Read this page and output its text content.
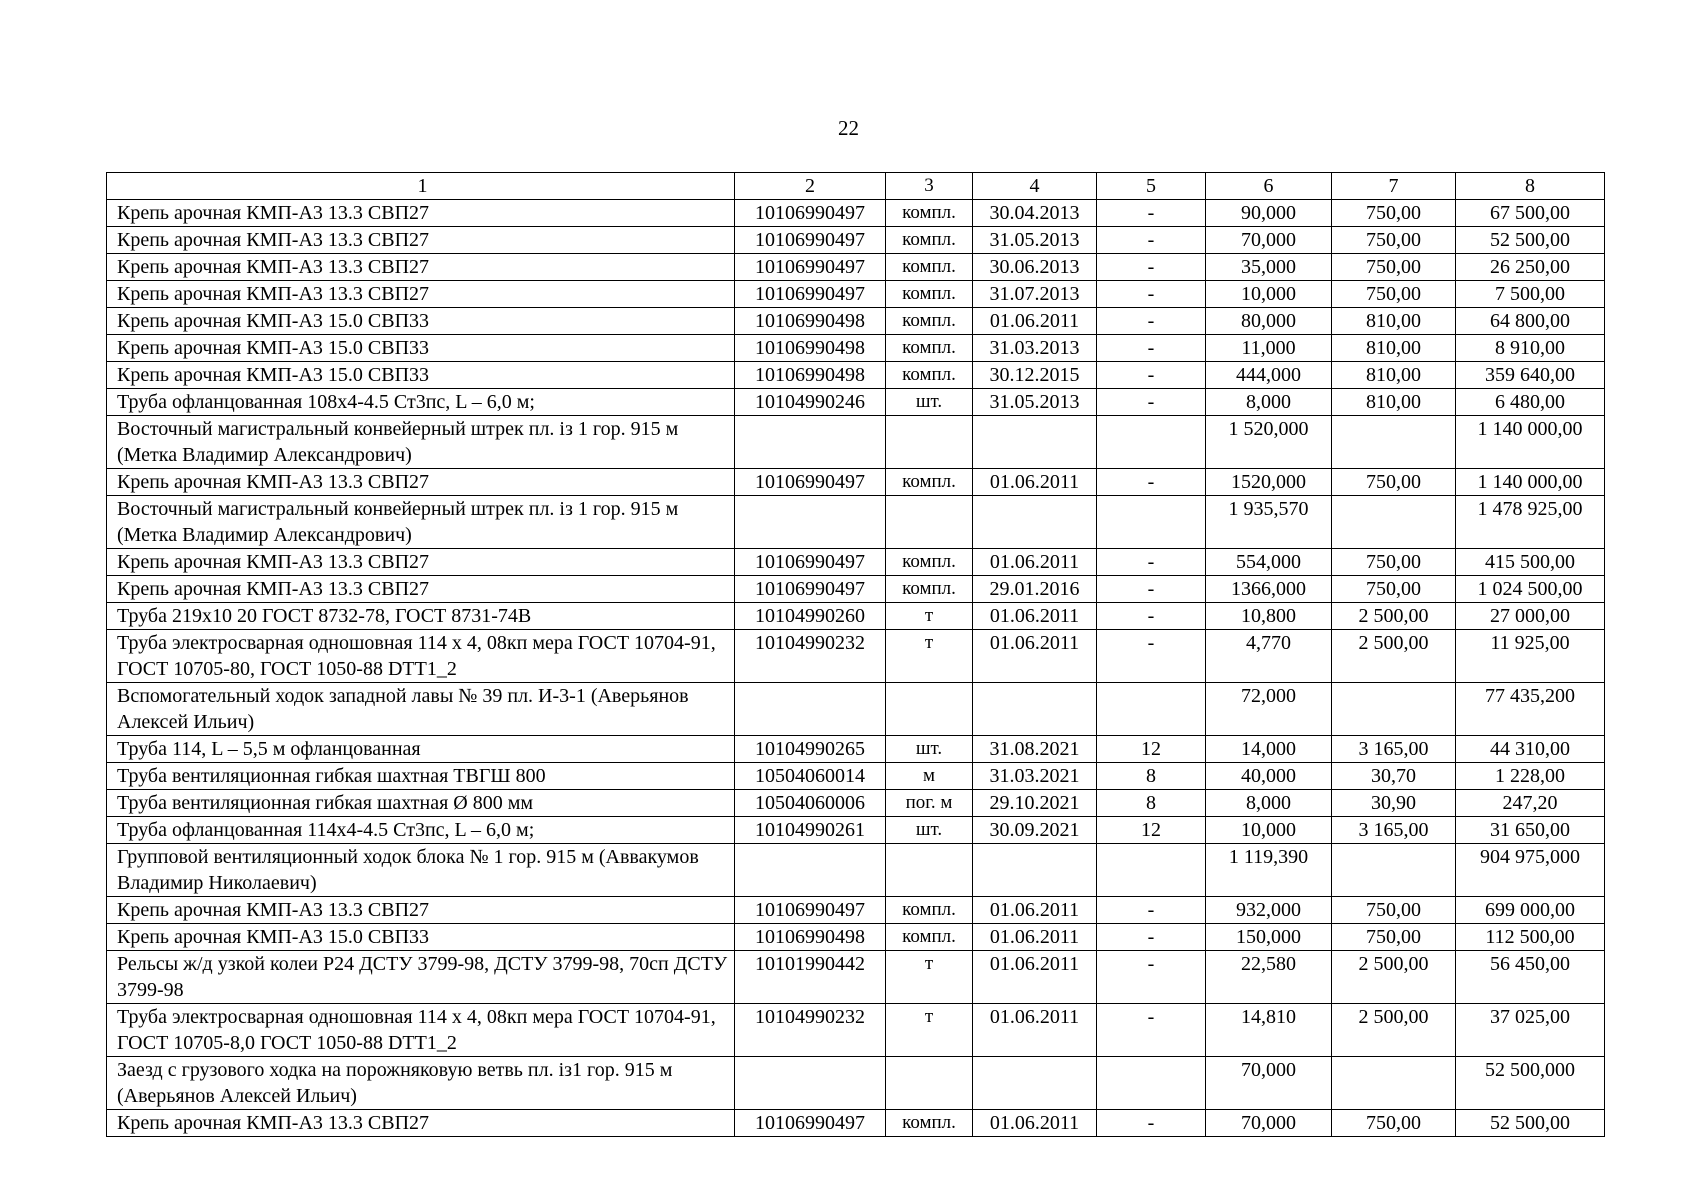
22
1	2	3	4	5	6	7	8
Крепь арочная КМП-А3 13.3 СВП27	10106990497	компл.	30.04.2013	-	90,000	750,00	67 500,00
Крепь арочная КМП-А3 13.3 СВП27	10106990497	компл.	31.05.2013	-	70,000	750,00	52 500,00
Крепь арочная КМП-А3 13.3 СВП27	10106990497	компл.	30.06.2013	-	35,000	750,00	26 250,00
Крепь арочная КМП-А3 13.3 СВП27	10106990497	компл.	31.07.2013	-	10,000	750,00	7 500,00
Крепь арочная КМП-А3 15.0 СВП33	10106990498	компл.	01.06.2011	-	80,000	810,00	64 800,00
Крепь арочная КМП-А3 15.0 СВП33	10106990498	компл.	31.03.2013	-	11,000	810,00	8 910,00
Крепь арочная КМП-А3 15.0 СВП33	10106990498	компл.	30.12.2015	-	444,000	810,00	359 640,00
Труба офланцованная 108х4-4.5 Ст3пс, L – 6,0 м;	10104990246	шт.	31.05.2013	-	8,000	810,00	6 480,00
Восточный магистральный конвейерный штрек пл. із 1 гор. 915 м (Метка Владимир Александрович)					1 520,000		1 140 000,00
Крепь арочная КМП-А3 13.3 СВП27	10106990497	компл.	01.06.2011	-	1520,000	750,00	1 140 000,00
Восточный магистральный конвейерный штрек пл. із 1 гор. 915 м (Метка Владимир Александрович)					1 935,570		1 478 925,00
Крепь арочная КМП-А3 13.3 СВП27	10106990497	компл.	01.06.2011	-	554,000	750,00	415 500,00
Крепь арочная КМП-А3 13.3 СВП27	10106990497	компл.	29.01.2016	-	1366,000	750,00	1 024 500,00
Труба 219х10 20 ГОСТ 8732-78, ГОСТ 8731-74В	10104990260	т	01.06.2011	-	10,800	2 500,00	27 000,00
Труба электросварная одношовная 114 х 4, 08кп мера ГОСТ 10704-91, ГОСТ 10705-80, ГОСТ 1050-88 DTT1_2	10104990232	т	01.06.2011	-	4,770	2 500,00	11 925,00
Вспомогательный ходок западной лавы № 39 пл. И-3-1 (Аверьянов Алексей Ильич)					72,000		77 435,200
Труба 114, L – 5,5 м офланцованная	10104990265	шт.	31.08.2021	12	14,000	3 165,00	44 310,00
Труба вентиляционная гибкая шахтная ТВГШ 800	10504060014	м	31.03.2021	8	40,000	30,70	1 228,00
Труба вентиляционная гибкая шахтная Ø 800 мм	10504060006	пог. м	29.10.2021	8	8,000	30,90	247,20
Труба офланцованная 114х4-4.5 Ст3пс, L – 6,0 м;	10104990261	шт.	30.09.2021	12	10,000	3 165,00	31 650,00
Групповой вентиляционный ходок блока № 1 гор. 915 м (Аввакумов Владимир Николаевич)					1 119,390		904 975,000
Крепь арочная КМП-А3 13.3 СВП27	10106990497	компл.	01.06.2011	-	932,000	750,00	699 000,00
Крепь арочная КМП-А3 15.0 СВП33	10106990498	компл.	01.06.2011	-	150,000	750,00	112 500,00
Рельсы ж/д узкой колеи Р24 ДСТУ 3799-98, ДСТУ 3799-98, 70сп ДСТУ 3799-98	10101990442	т	01.06.2011	-	22,580	2 500,00	56 450,00
Труба электросварная одношовная 114 х 4, 08кп мера ГОСТ 10704-91, ГОСТ 10705-8,0 ГОСТ 1050-88 DTT1_2	10104990232	т	01.06.2011	-	14,810	2 500,00	37 025,00
Заезд с грузового ходка на порожняковую ветвь пл. із1 гор. 915 м (Аверьянов Алексей Ильич)					70,000		52 500,000
Крепь арочная КМП-А3 13.3 СВП27	10106990497	компл.	01.06.2011	-	70,000	750,00	52 500,00
